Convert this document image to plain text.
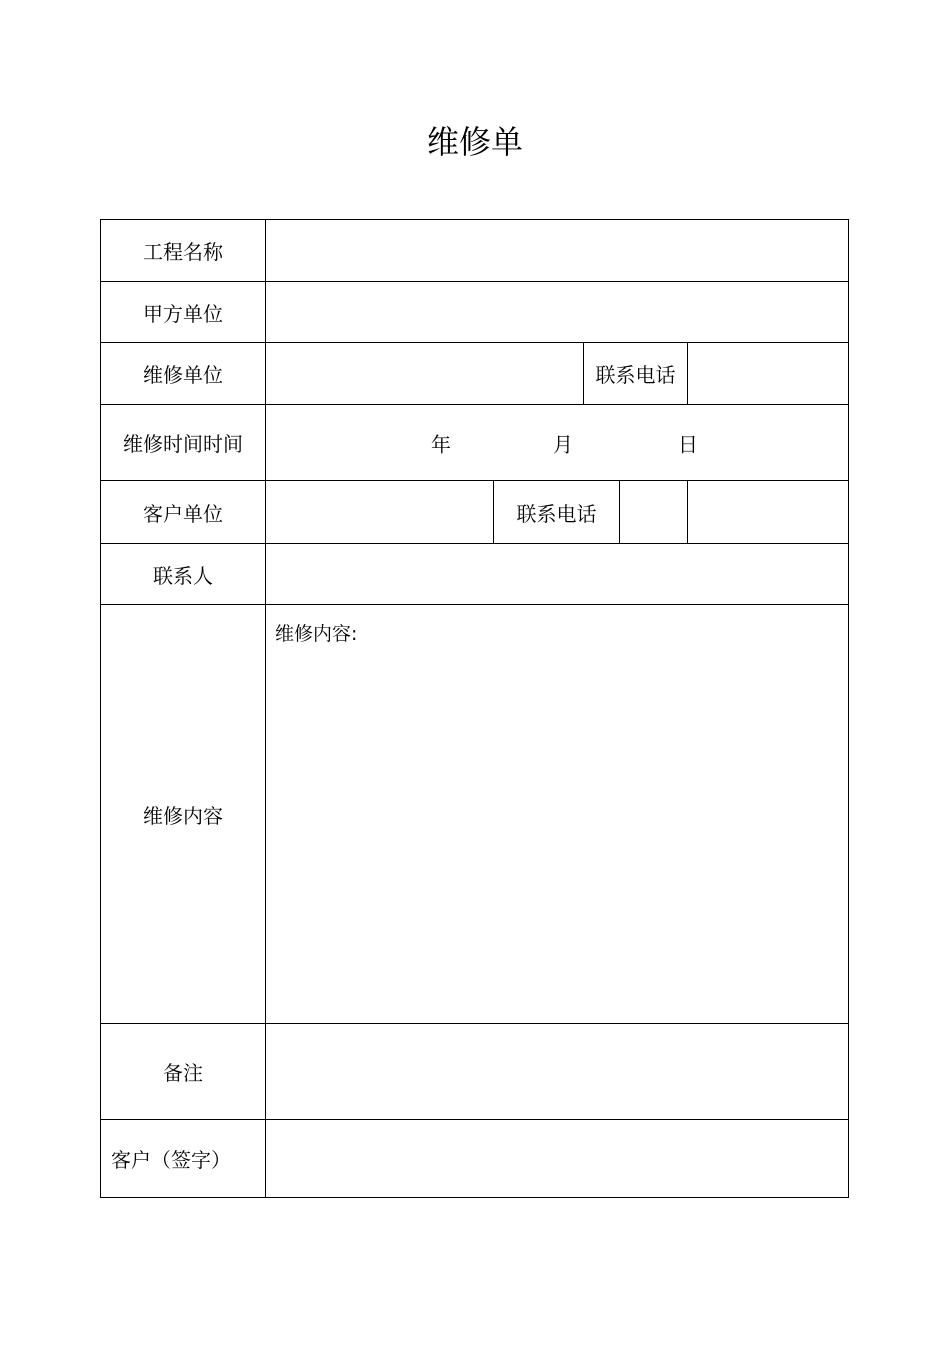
维修单
工程名称	
甲方单位	
维修单位		联系电话	
维修时间时间	年	月	日

客户单位			联系电话	

联系人	
维修内容	
维修内容:

备注	
客户（签字）	
